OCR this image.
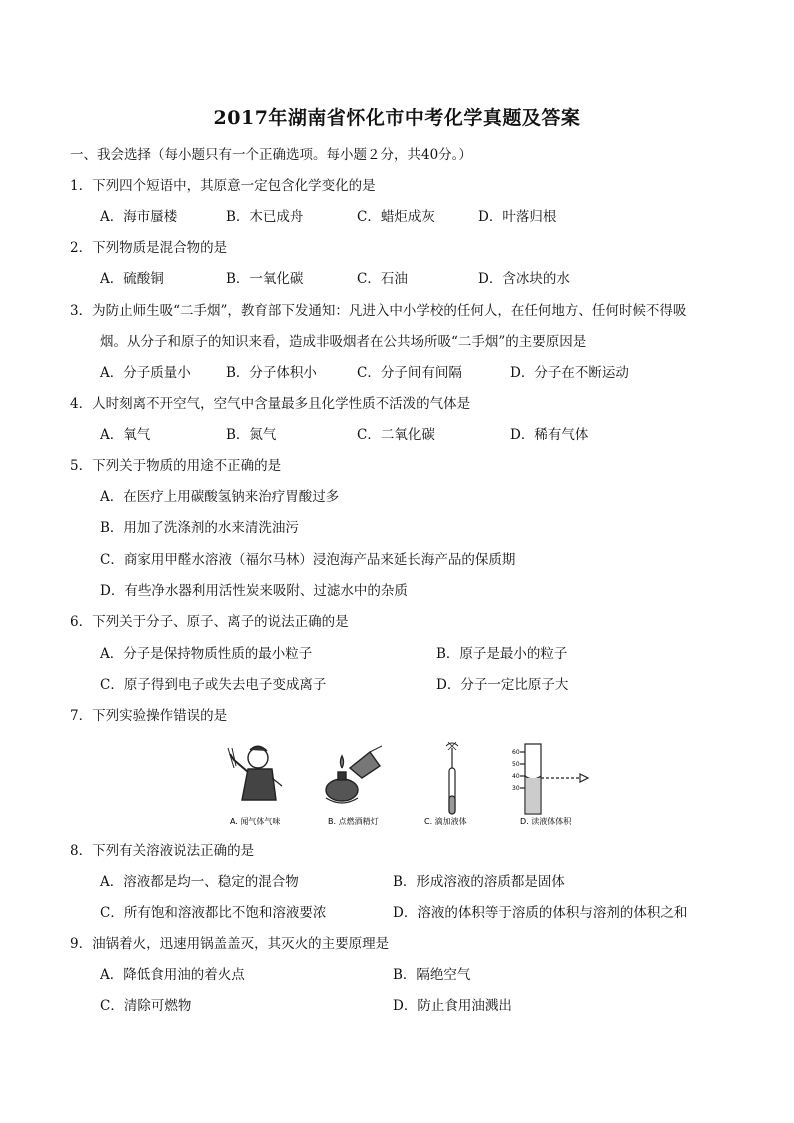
2017年湖南省怀化市中考化学真题及答案
一、我会选择（每小题只有一个正确选项。每小题２分，共40分。）
1．下列四个短语中，其原意一定包含化学变化的是
A．海市蜃楼	B．木已成舟	C．蜡炬成灰	D．叶落归根
2．下列物质是混合物的是
A．硫酸铜	B．一氧化碳	C．石油	D．含冰块的水
3．为防止师生吸“二手烟”，教育部下发通知：凡进入中小学校的任何人，在任何地方、任何时候不得吸
烟。从分子和原子的知识来看，造成非吸烟者在公共场所吸“二手烟”的主要原因是
A．分子质量小	B．分子体积小	C．分子间有间隔	D．分子在不断运动
4．人时刻离不开空气，空气中含量最多且化学性质不活泼的气体是
A．氧气	B．氮气	C．二氧化碳	D．稀有气体
5．下列关于物质的用途不正确的是
A．在医疗上用碳酸氢钠来治疗胃酸过多
B．用加了洗涤剂的水来清洗油污
C．商家用甲醛水溶液（福尔马林）浸泡海产品来延长海产品的保质期
D．有些净水器利用活性炭来吸附、过滤水中的杂质
6．下列关于分子、原子、离子的说法正确的是
A．分子是保持物质性质的最小粒子	B．原子是最小的粒子
C．原子得到电子或失去电子变成离子	D．分子一定比原子大
7．下列实验操作错误的是
60
50
40
30
A. 闻气体气味	B. 点燃酒精灯	C. 滴加液体	D. 读液体体积
8．下列有关溶液说法正确的是
A．溶液都是均一、稳定的混合物	B．形成溶液的溶质都是固体
C．所有饱和溶液都比不饱和溶液要浓	D．溶液的体积等于溶质的体积与溶剂的体积之和
9．油锅着火，迅速用锅盖盖灭，其灭火的主要原理是
A．降低食用油的着火点	B．隔绝空气
C．清除可燃物	D．防止食用油溅出
